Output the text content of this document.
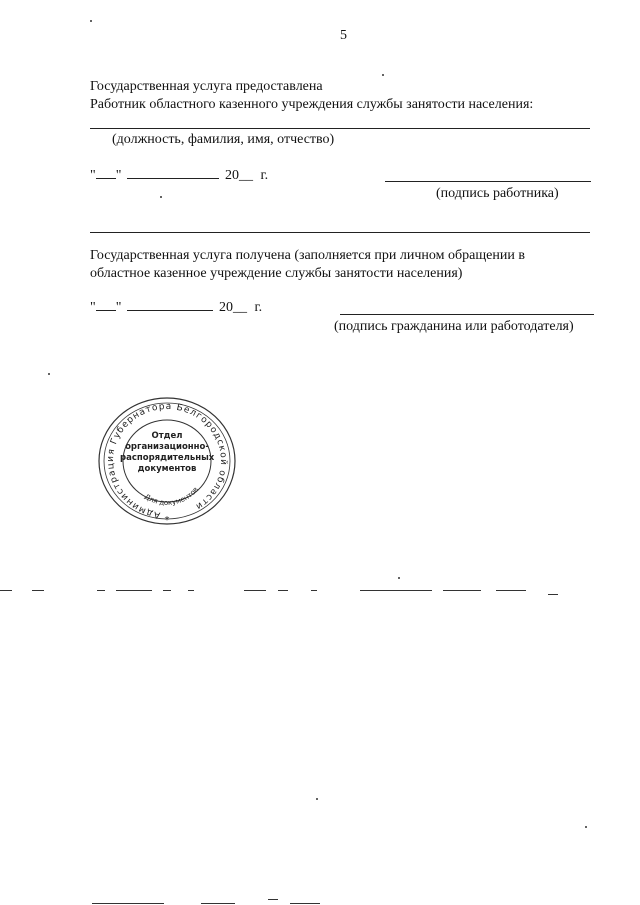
5
Государственная услуга предоставлена
Работник областного казенного учреждения службы занятости населения:
(должность, фамилия, имя, отчество)
" "	20__ г.
(подпись работника)
Государственная услуга получена (заполняется при личном обращении в
областное казенное учреждение службы занятости населения)
" "	20__ г.
(подпись гражданина или работодателя)
Администрация Губернатора Белгородской области
Для документов
*
Отдел
организационно-
распорядительных
документов
